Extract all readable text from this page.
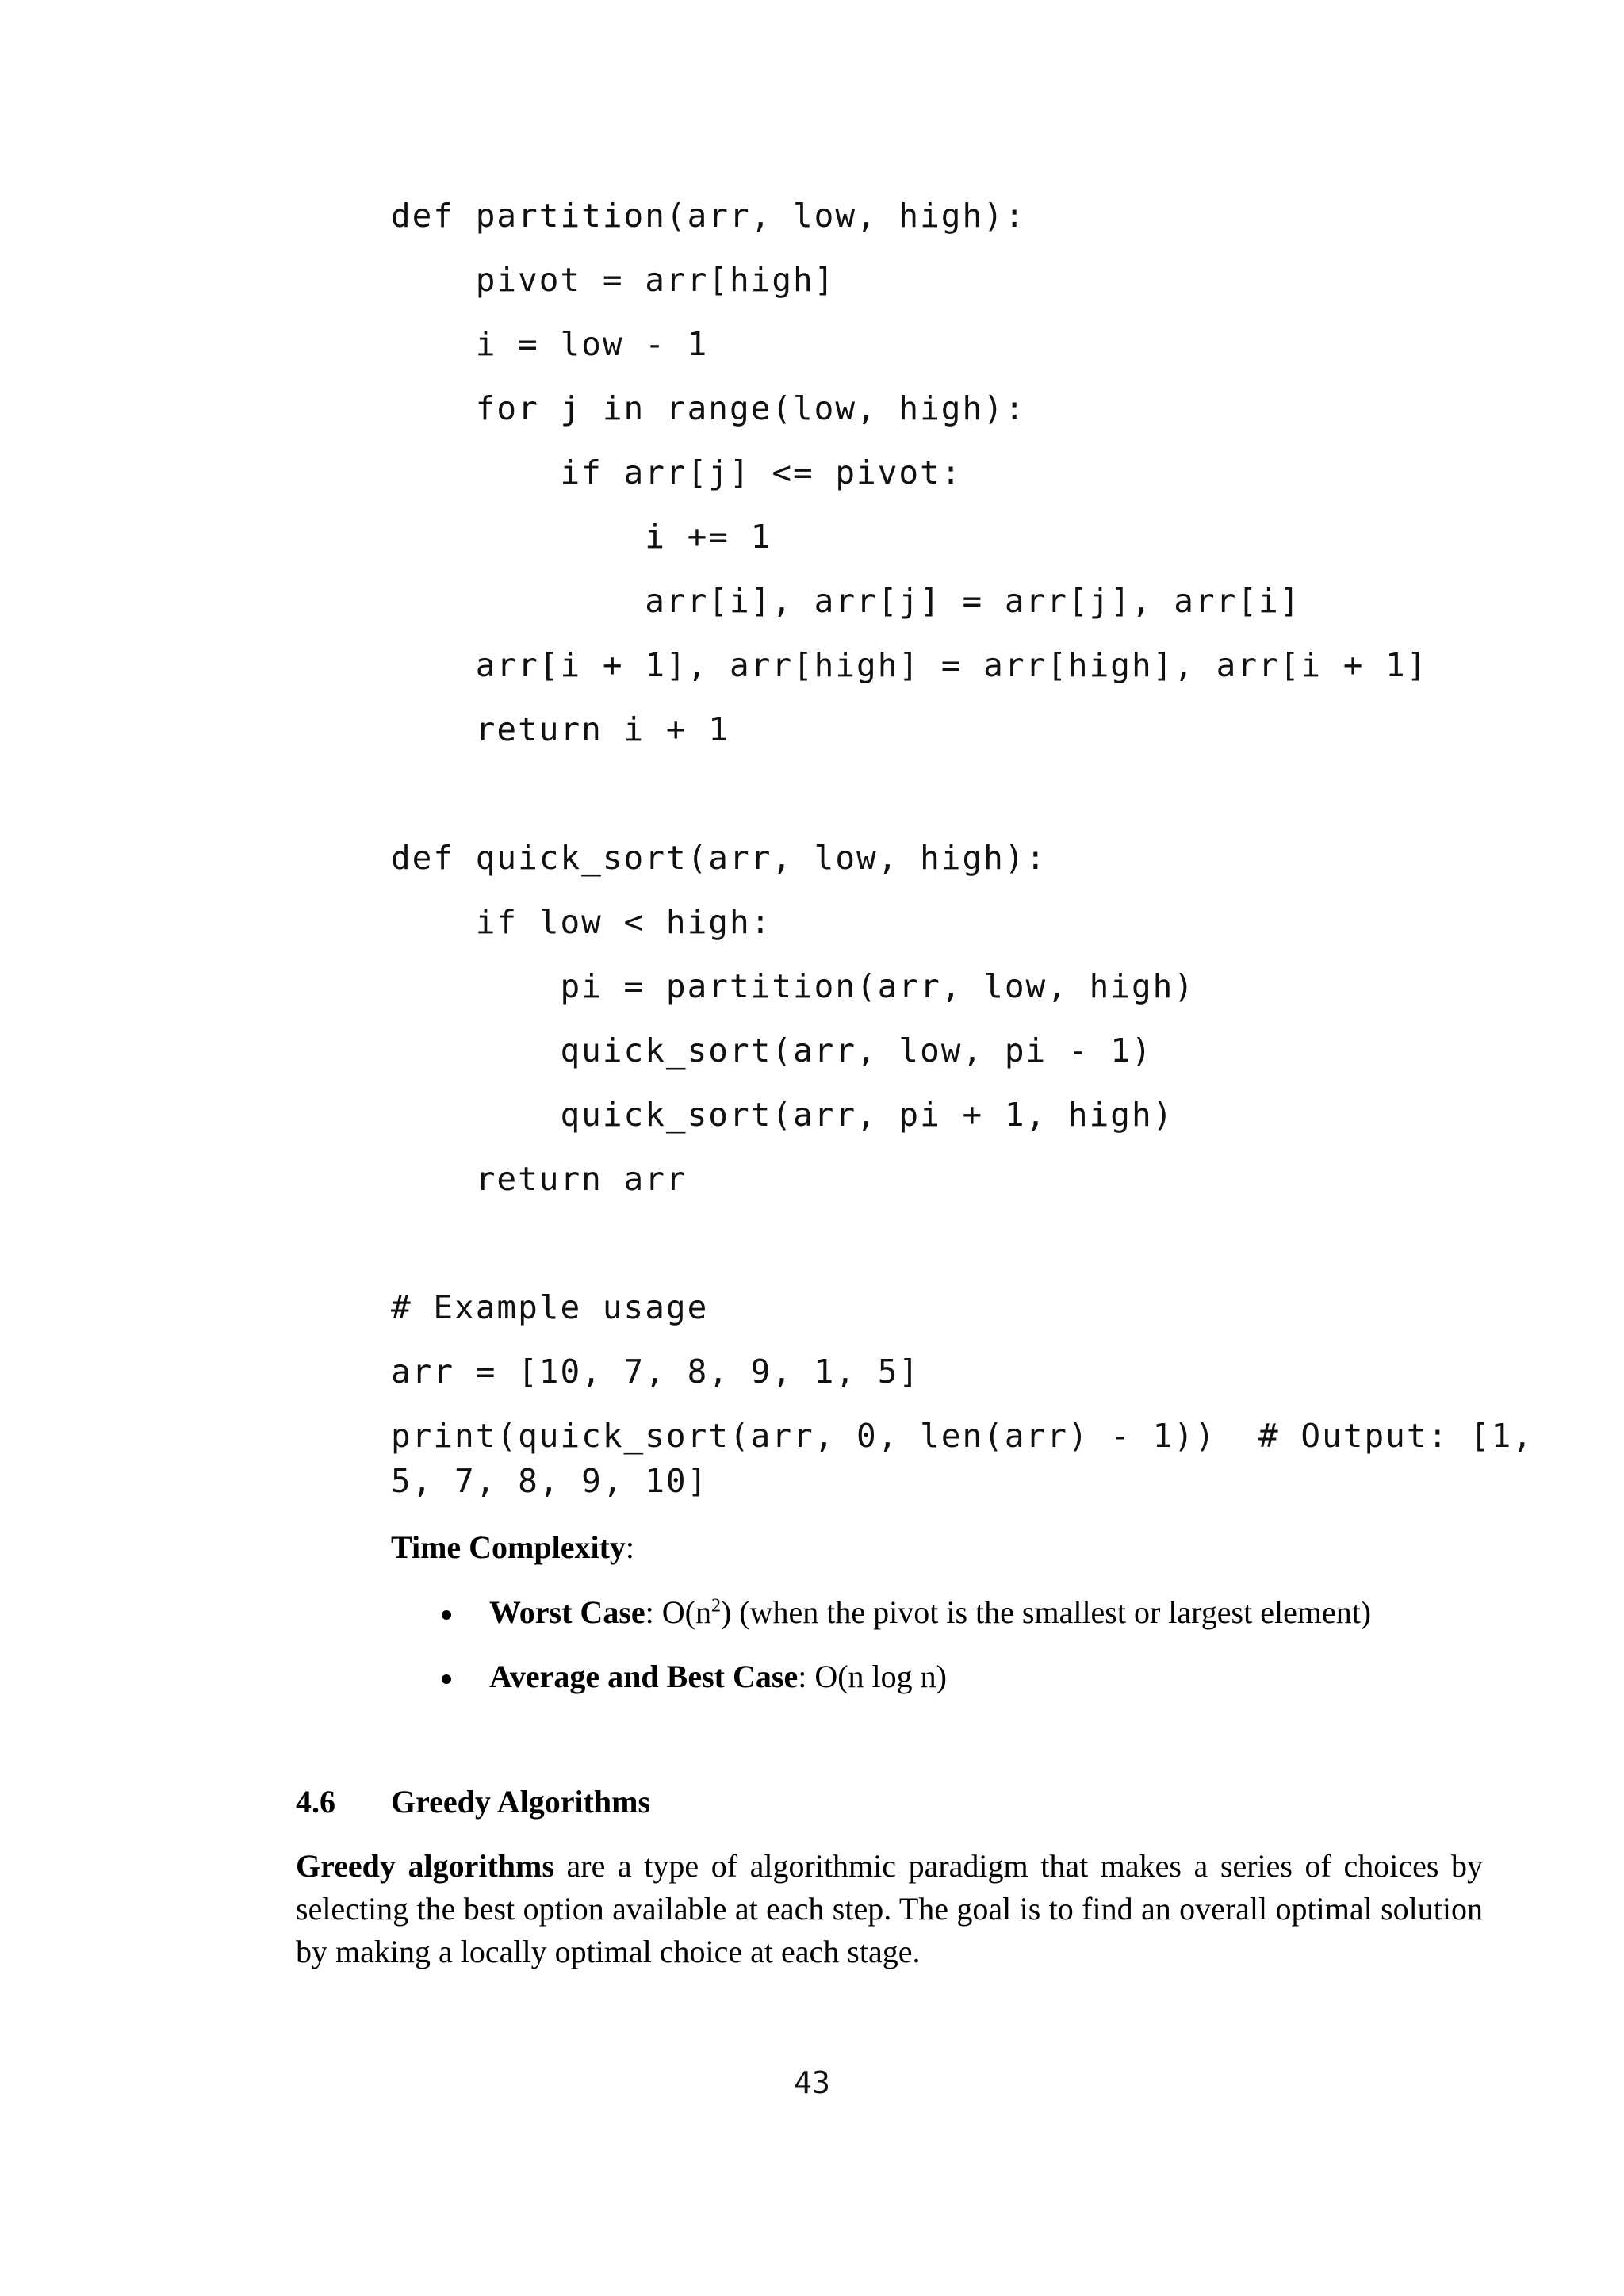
def partition(arr, low, high):
pivot = arr[high]
i = low - 1
for j in range(low, high):
if arr[j] <= pivot:
i += 1
arr[i], arr[j] = arr[j], arr[i]
arr[i + 1], arr[high] = arr[high], arr[i + 1]
return i + 1
def quick_sort(arr, low, high):
if low < high:
pi = partition(arr, low, high)
quick_sort(arr, low, pi - 1)
quick_sort(arr, pi + 1, high)
return arr
# Example usage
arr = [10, 7, 8, 9, 1, 5]
print(quick_sort(arr, 0, len(arr) - 1))  # Output: [1,
5, 7, 8, 9, 10]
Time Complexity:
Worst Case: $O(n^2)$ (when the pivot is the smallest or largest element)
Average and Best Case: O(n log n)
4.6 Greedy Algorithms
Greedy algorithms are a type of algorithmic paradigm that makes a series of choices by selecting the best option available at each step. The goal is to find an overall optimal solution by making a locally optimal choice at each stage.
43
